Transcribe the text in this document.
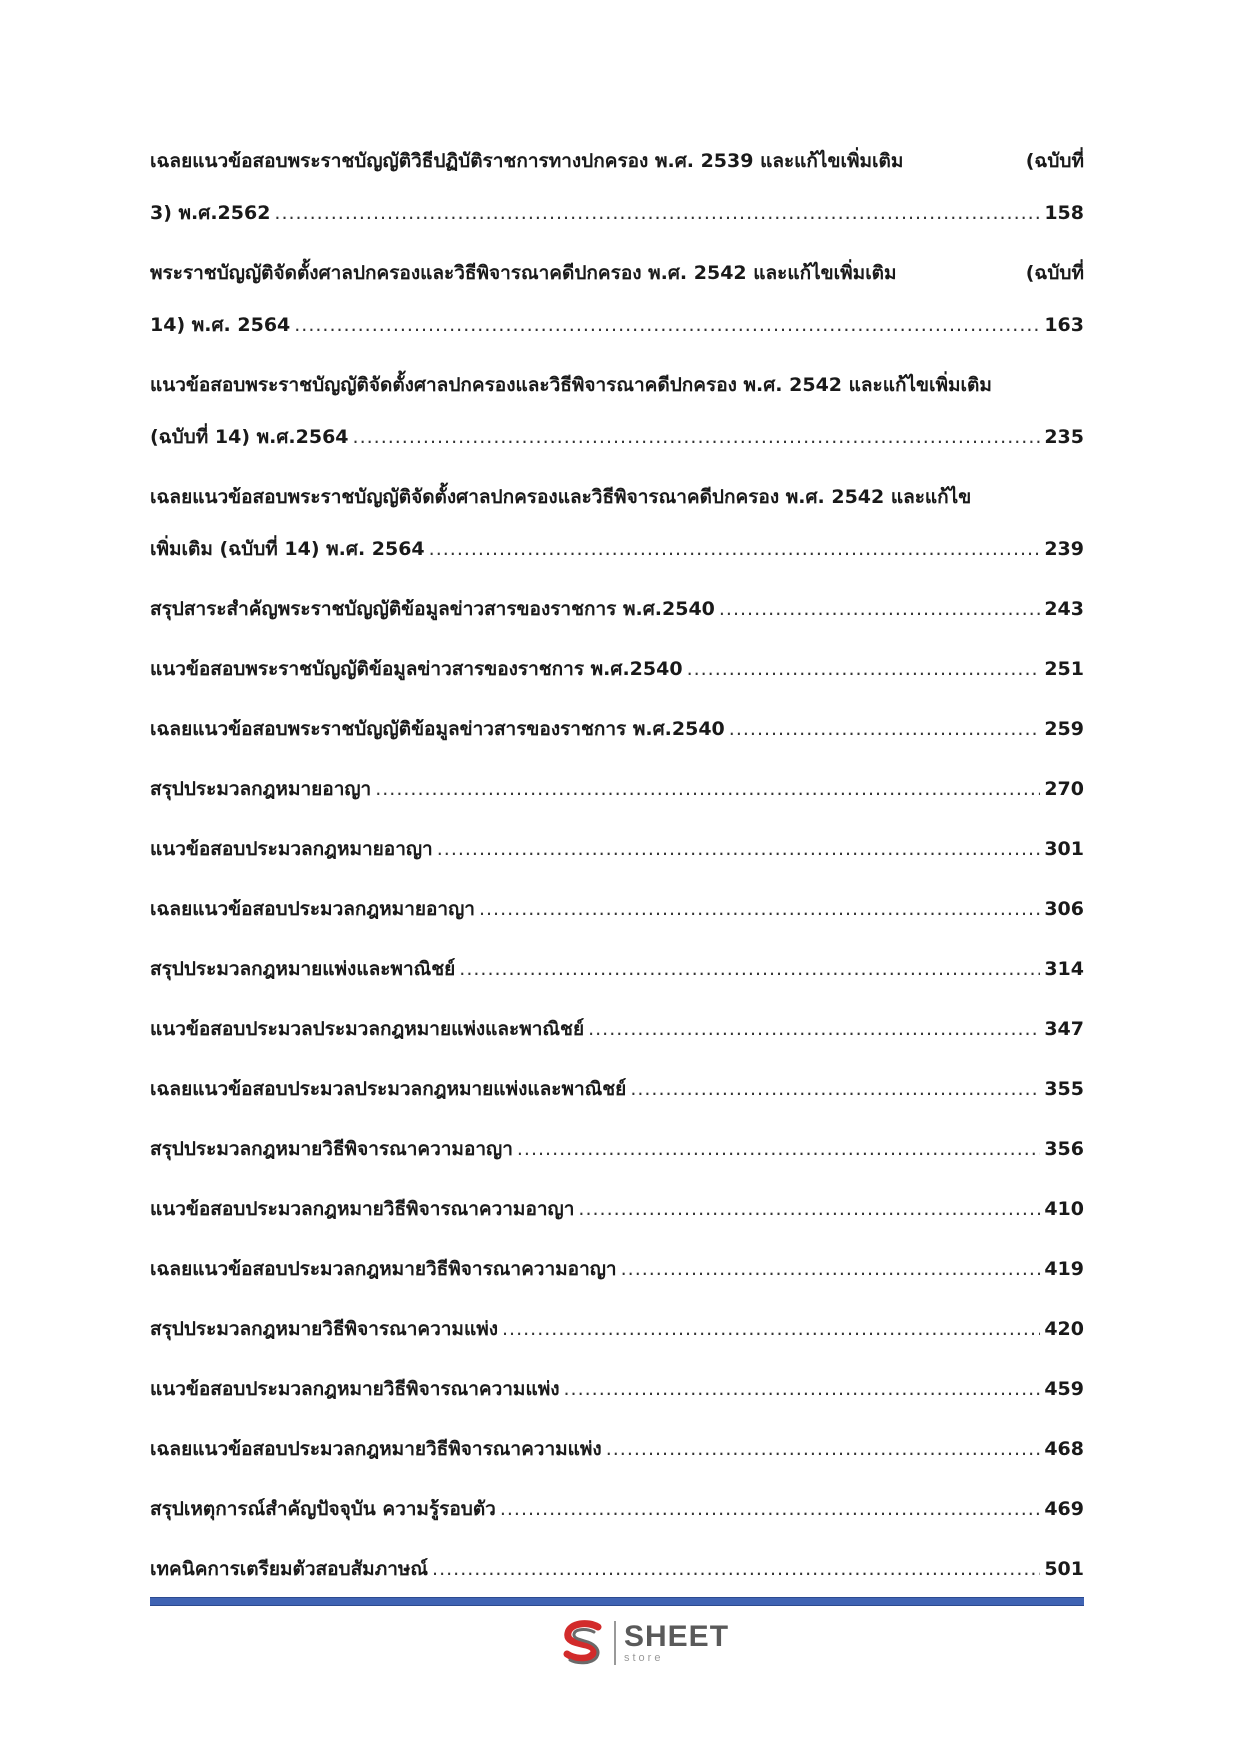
เฉลยแนวข้อสอบพระราชบัญญัติวิธีปฏิบัติราชการทางปกครอง พ.ศ. 2539 และแก้ไขเพิ่มเติม	(ฉบับที่
3) พ.ศ.2562 .....	158
พระราชบัญญัติจัดตั้งศาลปกครองและวิธีพิจารณาคดีปกครอง พ.ศ. 2542 และแก้ไขเพิ่มเติม	(ฉบับที่
14) พ.ศ. 2564 .....	163
แนวข้อสอบพระราชบัญญัติจัดตั้งศาลปกครองและวิธีพิจารณาคดีปกครอง พ.ศ. 2542 และแก้ไขเพิ่มเติม
(ฉบับที่ 14) พ.ศ.2564 .....	235
เฉลยแนวข้อสอบพระราชบัญญัติจัดตั้งศาลปกครองและวิธีพิจารณาคดีปกครอง พ.ศ. 2542 และแก้ไข
เพิ่มเติม (ฉบับที่ 14) พ.ศ. 2564 .....	239
สรุปสาระสำคัญพระราชบัญญัติข้อมูลข่าวสารของราชการ พ.ศ.2540 .....	243
แนวข้อสอบพระราชบัญญัติข้อมูลข่าวสารของราชการ พ.ศ.2540 .....	251
เฉลยแนวข้อสอบพระราชบัญญัติข้อมูลข่าวสารของราชการ พ.ศ.2540 .....	259
สรุปประมวลกฎหมายอาญา .....	270
แนวข้อสอบประมวลกฎหมายอาญา .....	301
เฉลยแนวข้อสอบประมวลกฎหมายอาญา .....	306
สรุปประมวลกฎหมายแพ่งและพาณิชย์ .....	314
แนวข้อสอบประมวลประมวลกฎหมายแพ่งและพาณิชย์ .....	347
เฉลยแนวข้อสอบประมวลประมวลกฎหมายแพ่งและพาณิชย์ .....	355
สรุปประมวลกฎหมายวิธีพิจารณาความอาญา .....	356
แนวข้อสอบประมวลกฎหมายวิธีพิจารณาความอาญา .....	410
เฉลยแนวข้อสอบประมวลกฎหมายวิธีพิจารณาความอาญา .....	419
สรุปประมวลกฎหมายวิธีพิจารณาความแพ่ง .....	420
แนวข้อสอบประมวลกฎหมายวิธีพิจารณาความแพ่ง .....	459
เฉลยแนวข้อสอบประมวลกฎหมายวิธีพิจารณาความแพ่ง .....	468
สรุปเหตุการณ์สำคัญปัจจุบัน ความรู้รอบตัว .....	469
เทคนิคการเตรียมตัวสอบสัมภาษณ์ .....	501
SHEET
store
